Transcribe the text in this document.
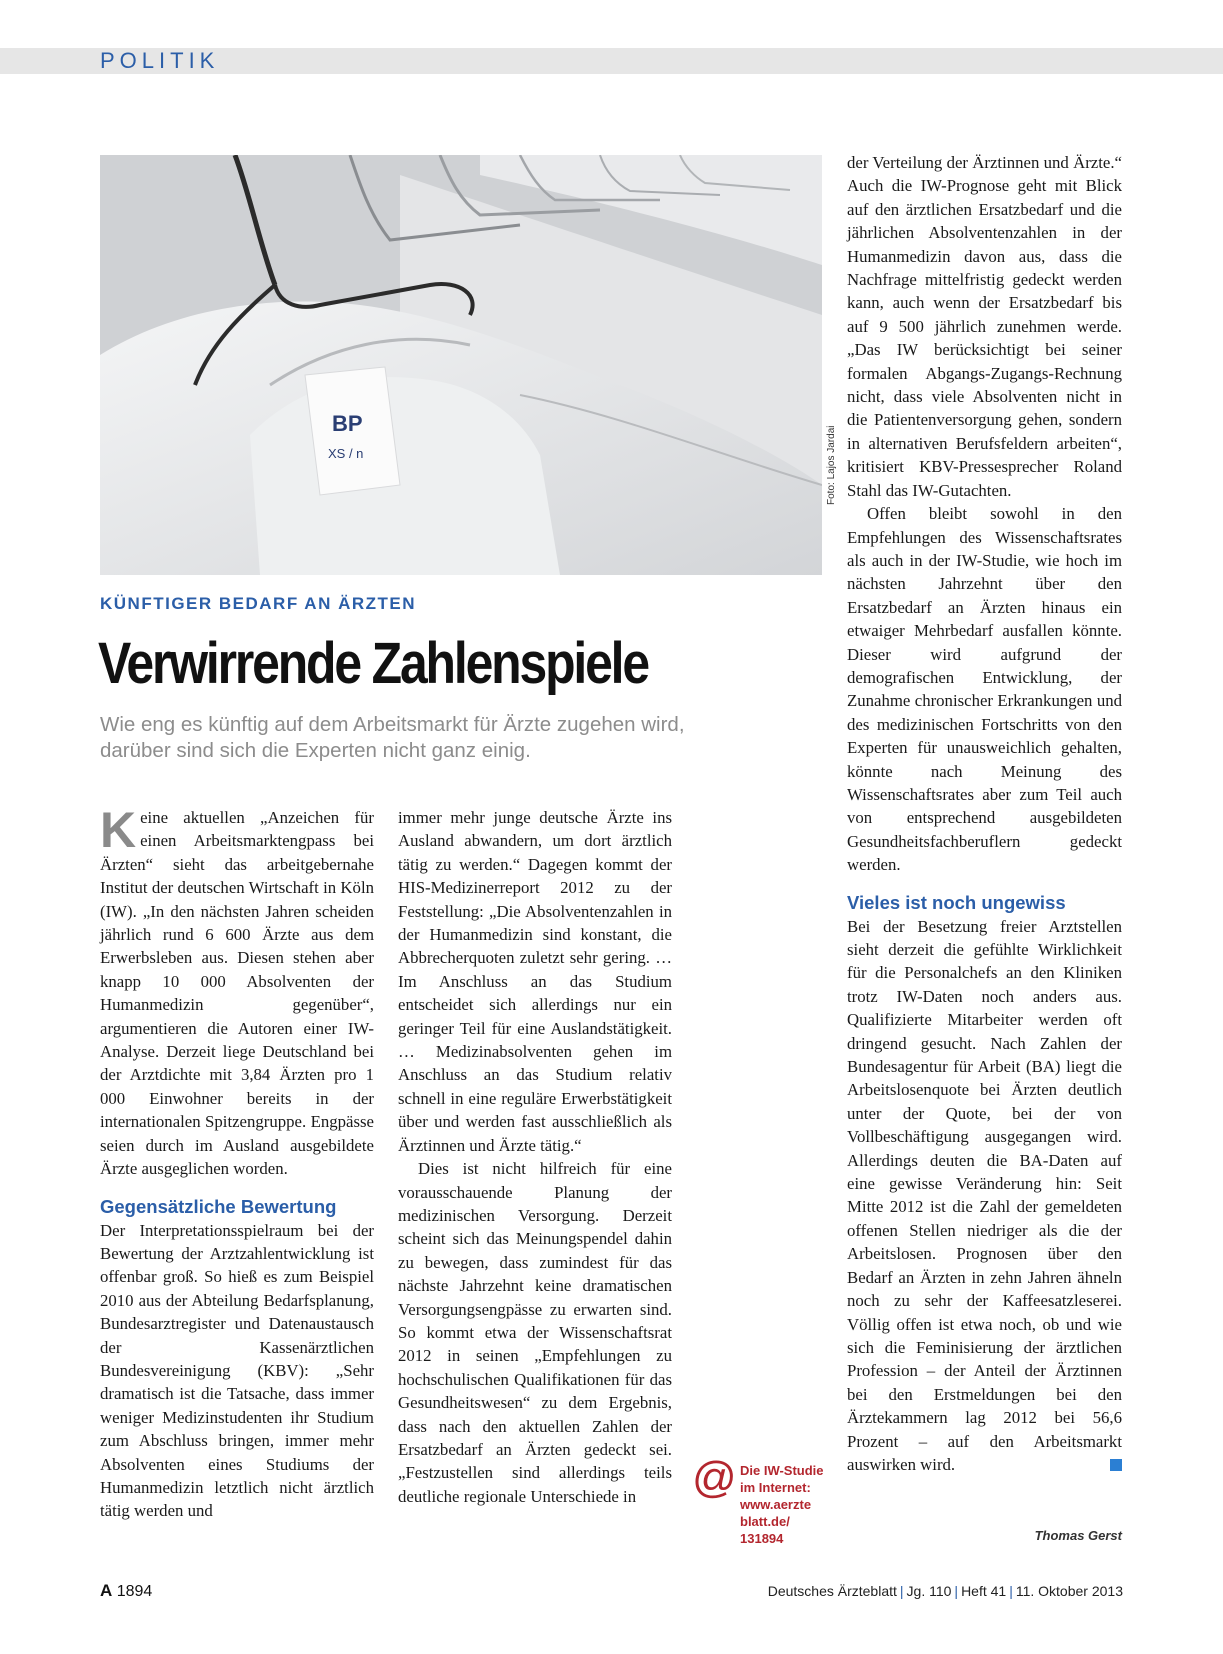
POLITIK
BP
XS / n	Foto: Lajos Jardai
KÜNFTIGER BEDARF AN ÄRZTEN
Verwirrende Zahlenspiele
Wie eng es künftig auf dem Arbeitsmarkt für Ärzte zugehen wird, darüber sind sich die Experten nicht ganz einig.

Keine aktuellen „Anzeichen für einen Arbeitsmarktengpass bei Ärzten“ sieht das arbeitgebernahe Institut der deutschen Wirtschaft in Köln (IW). „In den nächsten Jahren scheiden jährlich rund 6 600 Ärzte aus dem Erwerbsleben aus. Diesen stehen aber knapp 10 000 Absolventen der Humanmedizin gegenüber“, argumentieren die Autoren einer IW-Analyse. Derzeit liege Deutschland bei der Arztdichte mit 3,84 Ärzten pro 1 000 Einwohner bereits in der internationalen Spitzengruppe. Engpässe seien durch im Ausland ausgebildete Ärzte ausgeglichen worden.

Gegensätzliche Bewertung

Der Interpretationsspielraum bei der Bewertung der Arztzahlentwicklung ist offenbar groß. So hieß es zum Beispiel 2010 aus der Abteilung Bedarfsplanung, Bundesarztregister und Datenaustausch der Kassenärztlichen Bundesvereinigung (KBV): „Sehr dramatisch ist die Tatsache, dass immer weniger Medizinstudenten ihr Studium zum Abschluss bringen, immer mehr Absolventen eines Studiums der Humanmedizin letztlich nicht ärztlich tätig werden und

immer mehr junge deutsche Ärzte ins Ausland abwandern, um dort ärztlich tätig zu werden.“ Dagegen kommt der HIS-Medizinerreport 2012 zu der Feststellung: „Die Absolventenzahlen in der Humanmedizin sind konstant, die Abbrecherquoten zuletzt sehr gering. … Im Anschluss an das Studium entscheidet sich allerdings nur ein geringer Teil für eine Auslandstätigkeit. … Medizinabsolventen gehen im Anschluss an das Studium relativ schnell in eine reguläre Erwerbstätigkeit über und werden fast ausschließlich als Ärztinnen und Ärzte tätig.“

Dies ist nicht hilfreich für eine vorausschauende Planung der medizinischen Versorgung. Derzeit scheint sich das Meinungspendel dahin zu bewegen, dass zumindest für das nächste Jahrzehnt keine dramatischen Versorgungsengpässe zu erwarten sind. So kommt etwa der Wissenschaftsrat 2012 in seinen „Empfehlungen zu hochschulischen Qualifikationen für das Gesundheitswesen“ zu dem Ergebnis, dass nach den aktuellen Zahlen der Ersatzbedarf an Ärzten gedeckt sei. „Festzustellen sind allerdings teils deutliche regionale Unterschiede in

der Verteilung der Ärztinnen und Ärzte.“ Auch die IW-Prognose geht mit Blick auf den ärztlichen Ersatzbedarf und die jährlichen Absolventenzahlen in der Humanmedizin davon aus, dass die Nachfrage mittelfristig gedeckt werden kann, auch wenn der Ersatzbedarf bis auf 9 500 jährlich zunehmen werde. „Das IW berücksichtigt bei seiner formalen Abgangs-Zugangs-Rechnung nicht, dass viele Absolventen nicht in die Patientenversorgung gehen, sondern in alternativen Berufsfeldern arbeiten“, kritisiert KBV-Pressesprecher Roland Stahl das IW-Gutachten.

Offen bleibt sowohl in den Empfehlungen des Wissenschaftsrates als auch in der IW-Studie, wie hoch im nächsten Jahrzehnt über den Ersatzbedarf an Ärzten hinaus ein etwaiger Mehrbedarf ausfallen könnte. Dieser wird aufgrund der demografischen Entwicklung, der Zunahme chronischer Erkrankungen und des medizinischen Fortschritts von den Experten für unausweichlich gehalten, könnte nach Meinung des Wissenschaftsrates aber zum Teil auch von entsprechend ausgebildeten Gesundheitsfachberuflern gedeckt werden.

Vieles ist noch ungewiss

Bei der Besetzung freier Arztstellen sieht derzeit die gefühlte Wirklichkeit für die Personalchefs an den Kliniken trotz IW-Daten noch anders aus. Qualifizierte Mitarbeiter werden oft dringend gesucht. Nach Zahlen der Bundesagentur für Arbeit (BA) liegt die Arbeitslosenquote bei Ärzten deutlich unter der Quote, bei der von Vollbeschäftigung ausgegangen wird. Allerdings deuten die BA-Daten auf eine gewisse Veränderung hin: Seit Mitte 2012 ist die Zahl der gemeldeten offenen Stellen niedriger als die der Arbeitslosen. Prognosen über den Bedarf an Ärzten in zehn Jahren ähneln noch zu sehr der Kaffeesatzleserei. Völlig offen ist etwa noch, ob und wie sich die Feminisierung der ärztlichen Profession – der Anteil der Ärztinnen bei den Erstmeldungen bei den Ärztekammern lag 2012 bei 56,6 Prozent – auf den Arbeitsmarkt auswirken wird.

@ Die IW-Studie
im Internet:
www.aerzte
blatt.de/
131894	Thomas Gerst
A 1894	Deutsches Ärzteblatt | Jg. 110 | Heft 41 | 11. Oktober 2013
